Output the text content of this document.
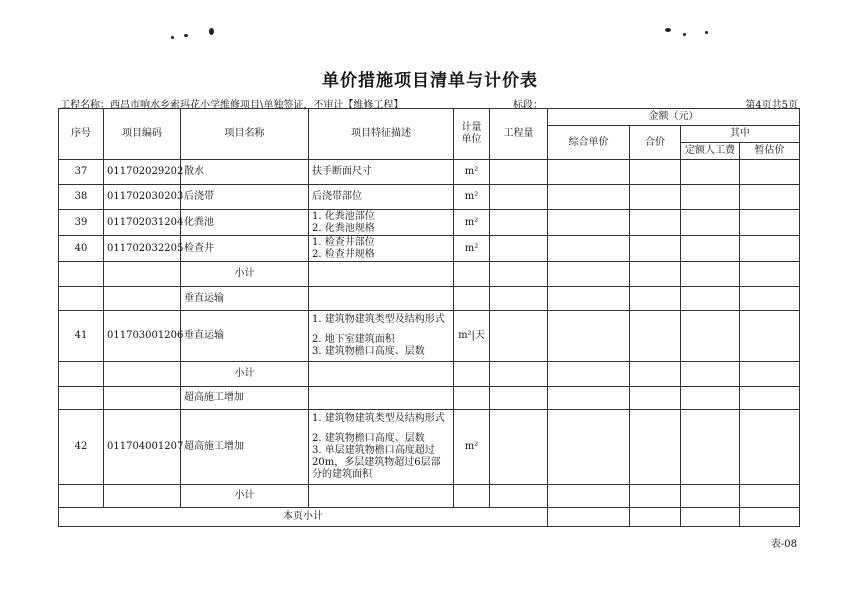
单价措施项目清单与计价表
工程名称：西昌市响水乡索玛花小学维修项目\单独签证，不审计【维修工程】	标段：	第4页共5页
序号	项目编码	项目名称	项目特征描述	计量单位	工程量	金额（元）			
						综合单价	合价	其中	
								定额人工费	暂估价
37	011702029202	散水	扶手断面尺寸	m²					
38	011702030203	后浇带	后浇带部位	m²					
39	011702031204	化粪池	1. 化粪池部位
2. 化粪池规格	m²					
40	011702032205	检查井	1. 检查井部位
2. 检查井规格	m²					
		小计							
		垂直运输							
41	011703001206	垂直运输	1. 建筑物建筑类型及结构形式
2. 地下室建筑面积
3. 建筑物檐口高度、层数	m²|天					
		小计							
		超高施工增加							
42	011704001207	超高施工增加	1. 建筑物建筑类型及结构形式
2. 建筑物檐口高度、层数
3. 单层建筑物檐口高度超过20m，多层建筑物超过6层部分的建筑面积	m²					
		小计							
本页小计									
表-08
